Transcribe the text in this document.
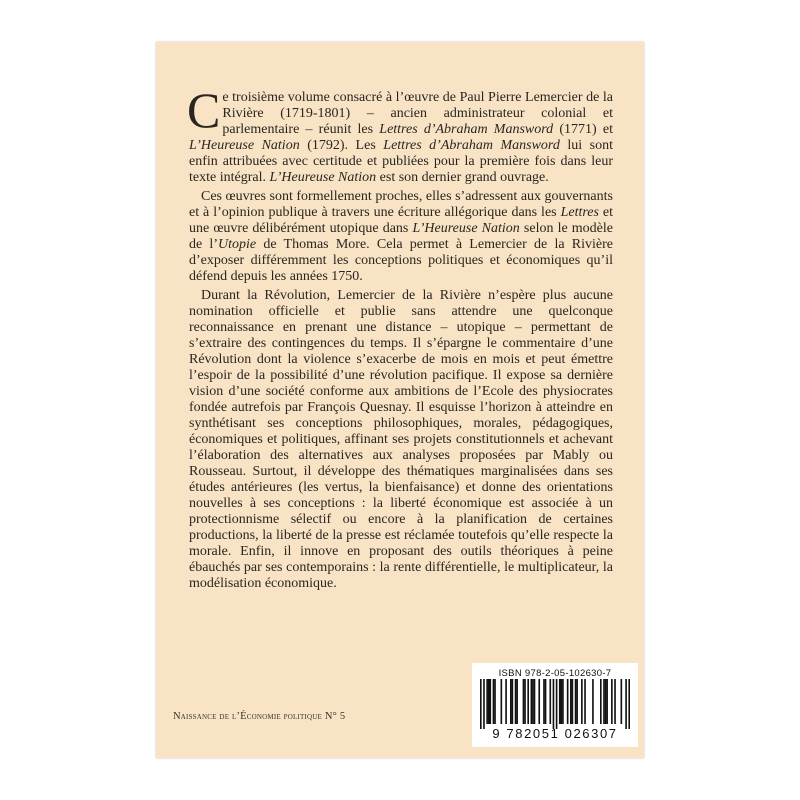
Ce troisième volume consacré à l’œuvre de Paul Pierre Lemercier de la Rivière (1719-1801) – ancien administrateur colonial et parlementaire – réunit les Lettres d’Abraham Mansword (1771) et L’Heureuse Nation (1792). Les Lettres d’Abraham Mansword lui sont enfin attribuées avec certitude et publiées pour la première fois dans leur texte intégral. L’Heureuse Nation est son dernier grand ouvrage.

Ces œuvres sont formellement proches, elles s’adressent aux gouvernants et à l’opinion publique à travers une écriture allégorique dans les Lettres et une œuvre délibérément utopique dans L’Heureuse Nation selon le modèle de l’Utopie de Thomas More. Cela permet à Lemercier de la Rivière d’exposer différemment les conceptions politiques et économiques qu’il défend depuis les années 1750.

Durant la Révolution, Lemercier de la Rivière n’espère plus aucune nomination officielle et publie sans attendre une quelconque reconnaissance en prenant une distance – utopique – permettant de s’extraire des contingences du temps. Il s’épargne le commentaire d’une Révolution dont la violence s’exacerbe de mois en mois et peut émettre l’espoir de la possibilité d’une révolution pacifique. Il expose sa dernière vision d’une société conforme aux ambitions de l’Ecole des physiocrates fondée autrefois par François Quesnay. Il esquisse l’horizon à atteindre en synthétisant ses conceptions philosophiques, morales, pédagogiques, économiques et politiques, affinant ses projets constitutionnels et achevant l’élaboration des alternatives aux analyses proposées par Mably ou Rousseau. Surtout, il développe des thématiques marginalisées dans ses études antérieures (les vertus, la bienfaisance) et donne des orientations nouvelles à ses conceptions : la liberté économique est associée à un protectionnisme sélectif ou encore à la planification de certaines productions, la liberté de la presse est réclamée toutefois qu’elle respecte la morale. Enfin, il innove en proposant des outils théoriques à peine ébauchés par ses contemporains : la rente différentielle, le multiplicateur, la modélisation économique.

Naissance de l’Économie politique N° 5
ISBN 978-2-05-102630-7
9 782051 026307
